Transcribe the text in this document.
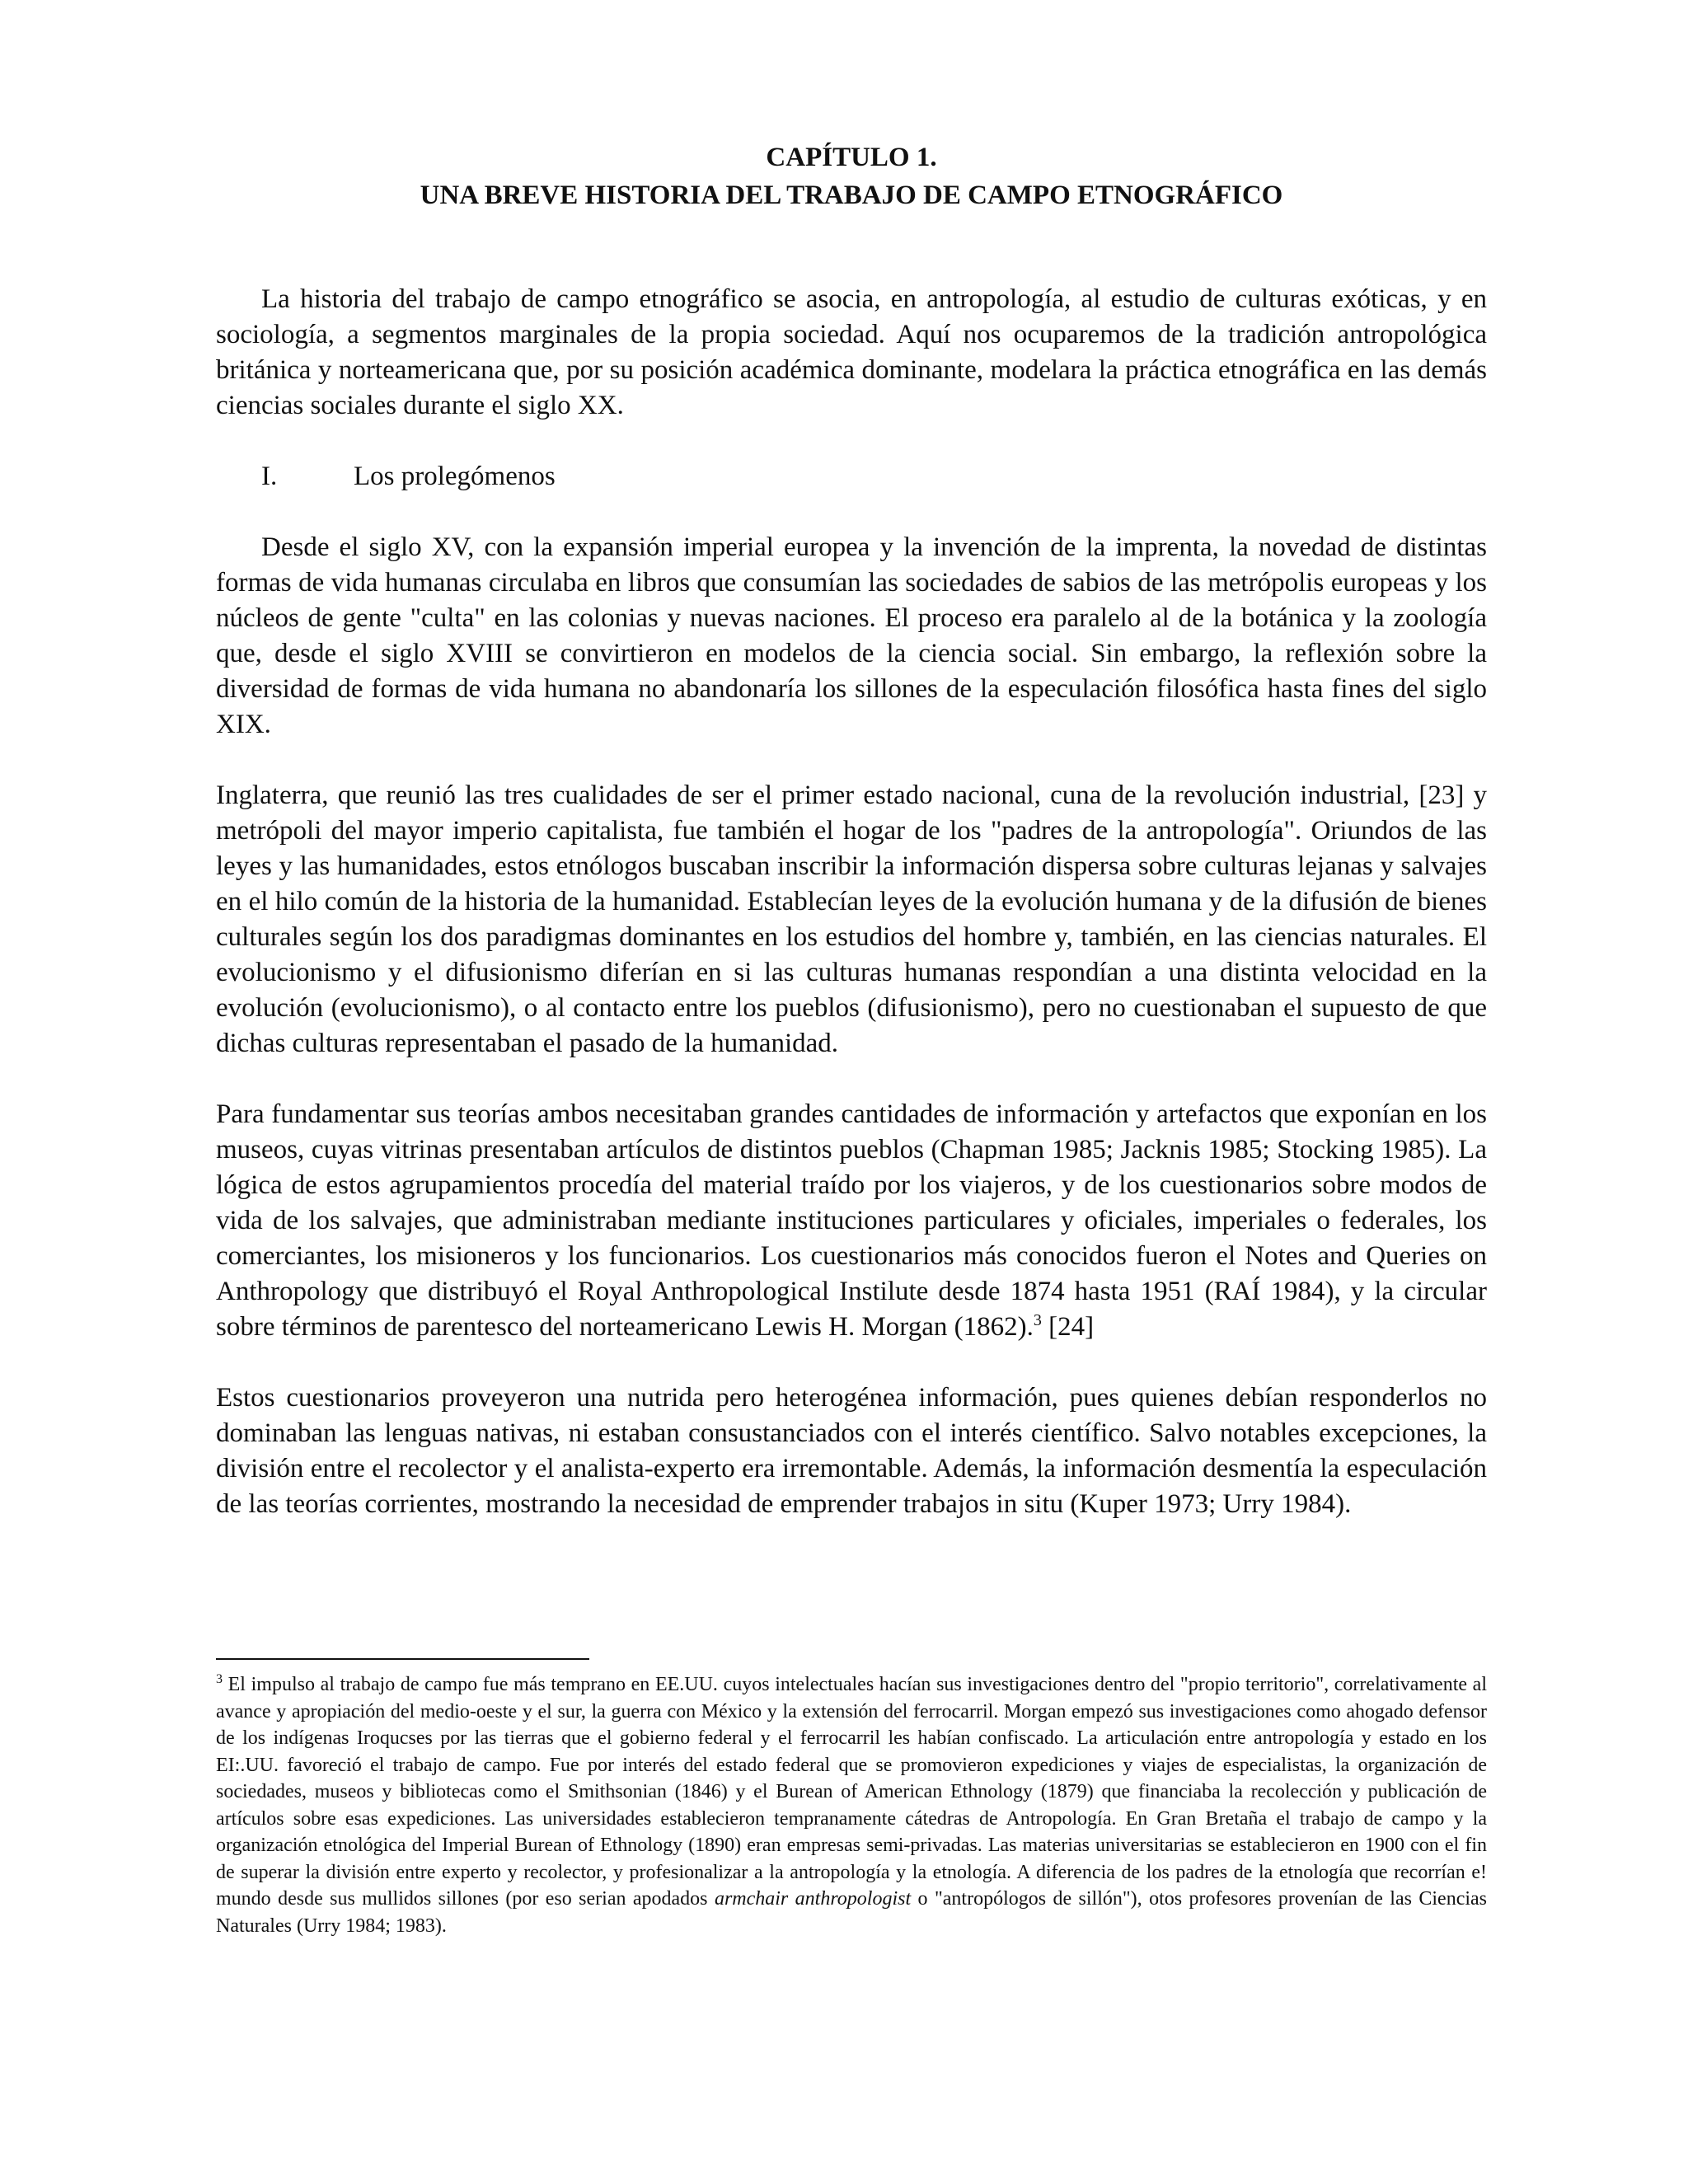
CAPÍTULO 1.
UNA BREVE HISTORIA DEL TRABAJO DE CAMPO ETNOGRÁFICO

La historia del trabajo de campo etnográfico se asocia, en antropología, al estudio de culturas exóticas, y en sociología, a segmentos marginales de la propia sociedad. Aquí nos ocuparemos de la tradición antropológica británica y norteamericana que, por su posición académica dominante, modelara la práctica etnográfica en las demás ciencias sociales durante el siglo XX.

I.	Los prolegómenos

Desde el siglo XV, con la expansión imperial europea y la invención de la imprenta, la novedad de distintas formas de vida humanas circulaba en libros que consumían las sociedades de sabios de las metrópolis europeas y los núcleos de gente "culta" en las colonias y nuevas naciones. El proceso era paralelo al de la botánica y la zoología que, desde el siglo XVIII se convirtieron en modelos de la ciencia social. Sin embargo, la reflexión sobre la diversidad de formas de vida humana no abandonaría los sillones de la especulación filosófica hasta fines del siglo XIX.

Inglaterra, que reunió las tres cualidades de ser el primer estado nacional, cuna de la revolución industrial, [23] y metrópoli del mayor imperio capitalista, fue también el hogar de los "padres de la antropología". Oriundos de las leyes y las humanidades, estos etnólogos buscaban inscribir la información dispersa sobre culturas lejanas y salvajes en el hilo común de la historia de la humanidad. Establecían leyes de la evolución humana y de la difusión de bienes culturales según los dos paradigmas dominantes en los estudios del hombre y, también, en las ciencias naturales. El evolucionismo y el difusionismo diferían en si las culturas humanas respondían a una distinta velocidad en la evolución (evolucionismo), o al contacto entre los pueblos (difusionismo), pero no cuestionaban el supuesto de que dichas culturas representaban el pasado de la humanidad.

Para fundamentar sus teorías ambos necesitaban grandes cantidades de información y artefactos que exponían en los museos, cuyas vitrinas presentaban artículos de distintos pueblos (Chapman 1985; Jacknis 1985; Stocking 1985). La lógica de estos agrupamientos procedía del material traído por los viajeros, y de los cuestionarios sobre modos de vida de los salvajes, que administraban mediante instituciones particulares y oficiales, imperiales o federales, los comerciantes, los misioneros y los funcionarios. Los cuestionarios más conocidos fueron el Notes and Queries on Anthropology que distribuyó el Royal Anthropological Instilute desde 1874 hasta 1951 (RAÍ 1984), y la circular sobre términos de parentesco del norteamericano Lewis H. Morgan (1862).$^3$ [24]

Estos cuestionarios proveyeron una nutrida pero heterogénea información, pues quienes debían responderlos no dominaban las lenguas nativas, ni estaban consustanciados con el interés científico. Salvo notables excepciones, la división entre el recolector y el analista-experto era irremontable. Además, la información desmentía la especulación de las teorías corrientes, mostrando la necesidad de emprender trabajos in situ (Kuper 1973; Urry 1984).

$^3$ El impulso al trabajo de campo fue más temprano en EE.UU. cuyos intelectuales hacían sus investigaciones dentro del "propio territorio", correlativamente al avance y apropiación del medio-oeste y el sur, la guerra con México y la extensión del ferrocarril. Morgan empezó sus investigaciones como ahogado defensor de los indígenas Iroqucses por las tierras que el gobierno federal y el ferrocarril les habían confiscado. La articulación entre antropología y estado en los EI:.UU. favoreció el trabajo de campo. Fue por interés del estado federal que se promovieron expediciones y viajes de especialistas, la organización de sociedades, museos y bibliotecas como el Smithsonian (1846) y el Burean of American Ethnology (1879) que financiaba la recolección y publicación de artículos sobre esas expediciones. Las universidades establecieron tempranamente cátedras de Antropología. En Gran Bretaña el trabajo de campo y la organización etnológica del Imperial Burean of Ethnology (1890) eran empresas semi-privadas. Las materias universitarias se establecieron en 1900 con el fin de superar la división entre experto y recolector, y profesionalizar a la antropología y la etnología. A diferencia de los padres de la etnología que recorrían e! mundo desde sus mullidos sillones (por eso serian apodados armchair anthropologist o "antropólogos de sillón"), otos profesores provenían de las Ciencias Naturales (Urry 1984; 1983).
